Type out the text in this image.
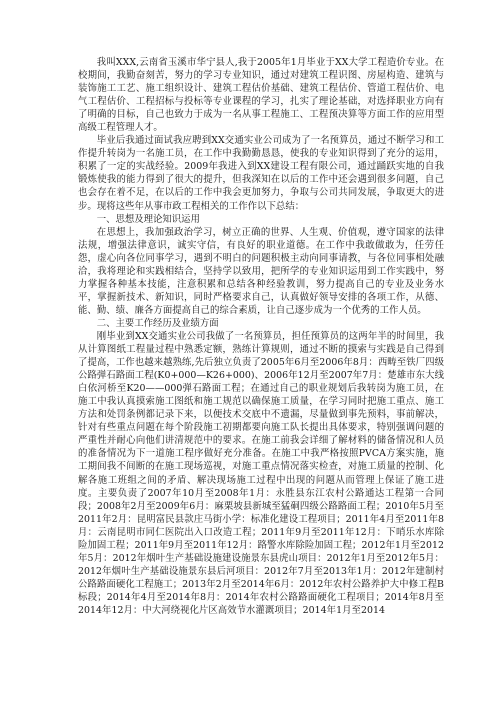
我叫XXX,云南省玉溪市华宁县人,我于2005年1月毕业于XX大学工程造价专业。在校期间，我勤奋刻苦，努力的学习专业知识，通过对建筑工程识图、房屋构造、建筑与装饰施工工艺、施工组织设计、建筑工程估价基础、建筑工程估价、管道工程估价、电气工程估价、工程招标与投标等专业课程的学习，扎实了理论基础，对选择职业方向有了明确的目标，自己也致力于成为一名从事工程施工、工程预决算等方面工作的应用型高级工程管理人才。

毕业后我通过面试我应聘到XX交通实业公司成为了一名预算员，通过不断学习和工作提升转岗为一名施工员，在工作中我勤勤恳恳，使我的专业知识得到了充分的运用，积累了一定的实战经验。2009年我进入到XX建设工程有限公司，通过踊跃实地的自我锻炼使我的能力得到了很大的提升，但我深知在以后的工作中还会遇到很多问题，自己也会存在着不足，在以后的工作中我会更加努力，争取与公司共同发展，争取更大的进步。现将这些年从事市政工程相关的工作作以下总结：

一、思想及理论知识运用

在思想上，我加强政治学习，树立正确的世界、人生观、价值观，遵守国家的法律法规，增强法律意识，诚实守信，有良好的职业道德。在工作中我敢做敢为，任劳任怨，虚心向各位同事学习，遇到不明白的问题积极主动向同事请教，与各位同事相处融洽，我将理论和实践相结合，坚持学以致用，把所学的专业知识运用到工作实践中，努力掌握各种基本技能，注意积累和总结各种经验教训，努力提高自己的专业及业务水平，掌握新技术、新知识，同时严格要求自己，认真做好领导安排的各项工作，从德、能、勤、绩、廉各方面提高自己的综合素质，让自己逐步成为一个优秀的工作人员。

二、主要工作经历及业绩方面

刚毕业到XX交通实业公司我做了一名预算员，担任预算员的这两年半的时间里，我从计算图纸工程量过程中熟悉定额，熟练计算规则，通过不断的摸索与实践是自己得到了提高，工作也越来越熟练,先后独立负责了2005年6月至2006年8月：西畴至铁厂四级公路弹石路面工程(K0+000—K26+000)、2006年12月至2007年7月：楚雄市东大线白依河桥至K20——000弹石路面工程；在通过自己的职业规划后我转岗为施工员，在施工中我认真摸索施工图纸和施工规范以确保施工质量，在学习同时把施工重点、施工方法和处罚条例都记录下来，以便技术交底中不遗漏，尽量做到事先预料，事前解决，针对有些重点问题在每个阶段施工初期都要向施工队长提出具体要求，特别强调问题的严重性并耐心向他们讲清规范中的要求。在施工前我会详细了解材料的储备情况和人员的准备情况为下一道施工程序做好充分准备。在施工中我严格按照PVCA方案实施，施工期间我不间断的在施工现场巡视，对施工重点情况落实检查，对施工质量的控制、化解各施工班组之间的矛盾、解决现场施工过程中出现的问题从而管理上保证了施工进度。主要负责了2007年10月至2008年1月：永胜县东江农村公路通达工程第一合同段；2008年2月至2009年6月：麻栗坡县新城至猛硐四级公路路面工程；2010年5月至2011年2月：昆明富民县款庄马街小学：标准化建设工程项目；2011年4月至2011年8月：云南昆明市同仁医院出入口改造工程；2011年9月至2011年12月：下哨乐水库除险加固工程；2011年9月至2011年12月：路警水库除险加固工程；2012年1月至2012年5月：2012年烟叶生产基础设施建设施景东县虎山项目：2012年1月至2012年5月：2012年烟叶生产基础设施景东县后河项目：2012年7月至2013年1月：2012年建制村公路路面硬化工程施工；2013年2月至2014年6月：2012年农村公路养护大中修工程B标段；2014年4月至2014年8月：2014年农村公路路面硬化工程项目；2014年8月至2014年12月：中大河绕视化片区高效节水灌溉项目；2014年1月至2014
